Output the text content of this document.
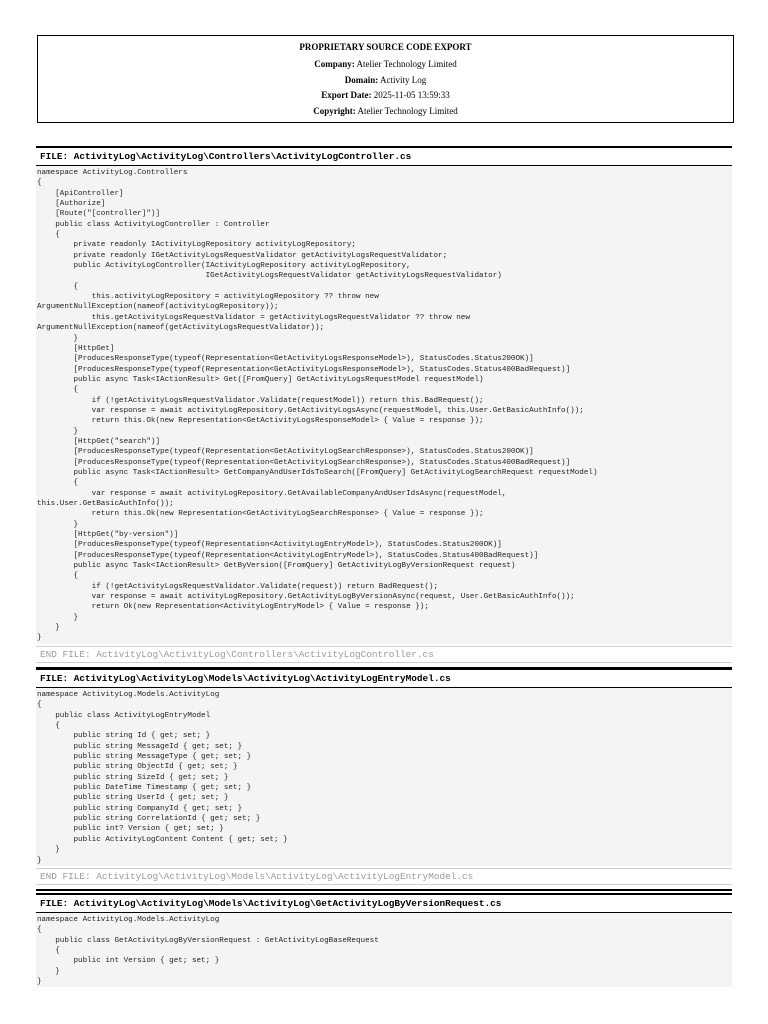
PROPRIETARY SOURCE CODE EXPORT
Company: Atelier Technology Limited
Domain: Activity Log
Export Date: 2025-11-05 13:59:33
Copyright: Atelier Technology Limited
FILE: ActivityLog\ActivityLog\Controllers\ActivityLogController.cs
namespace ActivityLog.Controllers
{
[ApiController]
[Authorize]
[Route("[controller]")]
public class ActivityLogController : Controller
{
private readonly IActivityLogRepository activityLogRepository;
private readonly IGetActivityLogsRequestValidator getActivityLogsRequestValidator;
public ActivityLogController(IActivityLogRepository activityLogRepository,
IGetActivityLogsRequestValidator getActivityLogsRequestValidator)
{
this.activityLogRepository = activityLogRepository ?? throw new
ArgumentNullException(nameof(activityLogRepository));
this.getActivityLogsRequestValidator = getActivityLogsRequestValidator ?? throw new
ArgumentNullException(nameof(getActivityLogsRequestValidator));
}
[HttpGet]
[ProducesResponseType(typeof(Representation<GetActivityLogsResponseModel>), StatusCodes.Status200OK)]
[ProducesResponseType(typeof(Representation<GetActivityLogsResponseModel>), StatusCodes.Status400BadRequest)]
public async Task<IActionResult> Get([FromQuery] GetActivityLogsRequestModel requestModel)
{
if (!getActivityLogsRequestValidator.Validate(requestModel)) return this.BadRequest();
var response = await activityLogRepository.GetActivityLogsAsync(requestModel, this.User.GetBasicAuthInfo());
return this.Ok(new Representation<GetActivityLogsResponseModel> { Value = response });
}
[HttpGet("search")]
[ProducesResponseType(typeof(Representation<GetActivityLogSearchResponse>), StatusCodes.Status200OK)]
[ProducesResponseType(typeof(Representation<GetActivityLogSearchResponse>), StatusCodes.Status400BadRequest)]
public async Task<IActionResult> GetCompanyAndUserIdsToSearch([FromQuery] GetActivityLogSearchRequest requestModel)
{
var response = await activityLogRepository.GetAvailableCompanyAndUserIdsAsync(requestModel,
this.User.GetBasicAuthInfo());
return this.Ok(new Representation<GetActivityLogSearchResponse> { Value = response });
}
[HttpGet("by-version")]
[ProducesResponseType(typeof(Representation<ActivityLogEntryModel>), StatusCodes.Status200OK)]
[ProducesResponseType(typeof(Representation<ActivityLogEntryModel>), StatusCodes.Status400BadRequest)]
public async Task<IActionResult> GetByVersion([FromQuery] GetActivityLogByVersionRequest request)
{
if (!getActivityLogsRequestValidator.Validate(request)) return BadRequest();
var response = await activityLogRepository.GetActivityLogByVersionAsync(request, User.GetBasicAuthInfo());
return Ok(new Representation<ActivityLogEntryModel> { Value = response });
}
}
}
END FILE: ActivityLog\ActivityLog\Controllers\ActivityLogController.cs
FILE: ActivityLog\ActivityLog\Models\ActivityLog\ActivityLogEntryModel.cs
namespace ActivityLog.Models.ActivityLog
{
public class ActivityLogEntryModel
{
public string Id { get; set; }
public string MessageId { get; set; }
public string MessageType { get; set; }
public string ObjectId { get; set; }
public string SizeId { get; set; }
public DateTime Timestamp { get; set; }
public string UserId { get; set; }
public string CompanyId { get; set; }
public string CorrelationId { get; set; }
public int? Version { get; set; }
public ActivityLogContent Content { get; set; }
}
}
END FILE: ActivityLog\ActivityLog\Models\ActivityLog\ActivityLogEntryModel.cs
FILE: ActivityLog\ActivityLog\Models\ActivityLog\GetActivityLogByVersionRequest.cs
namespace ActivityLog.Models.ActivityLog
{
public class GetActivityLogByVersionRequest : GetActivityLogBaseRequest
{
public int Version { get; set; }
}
}
